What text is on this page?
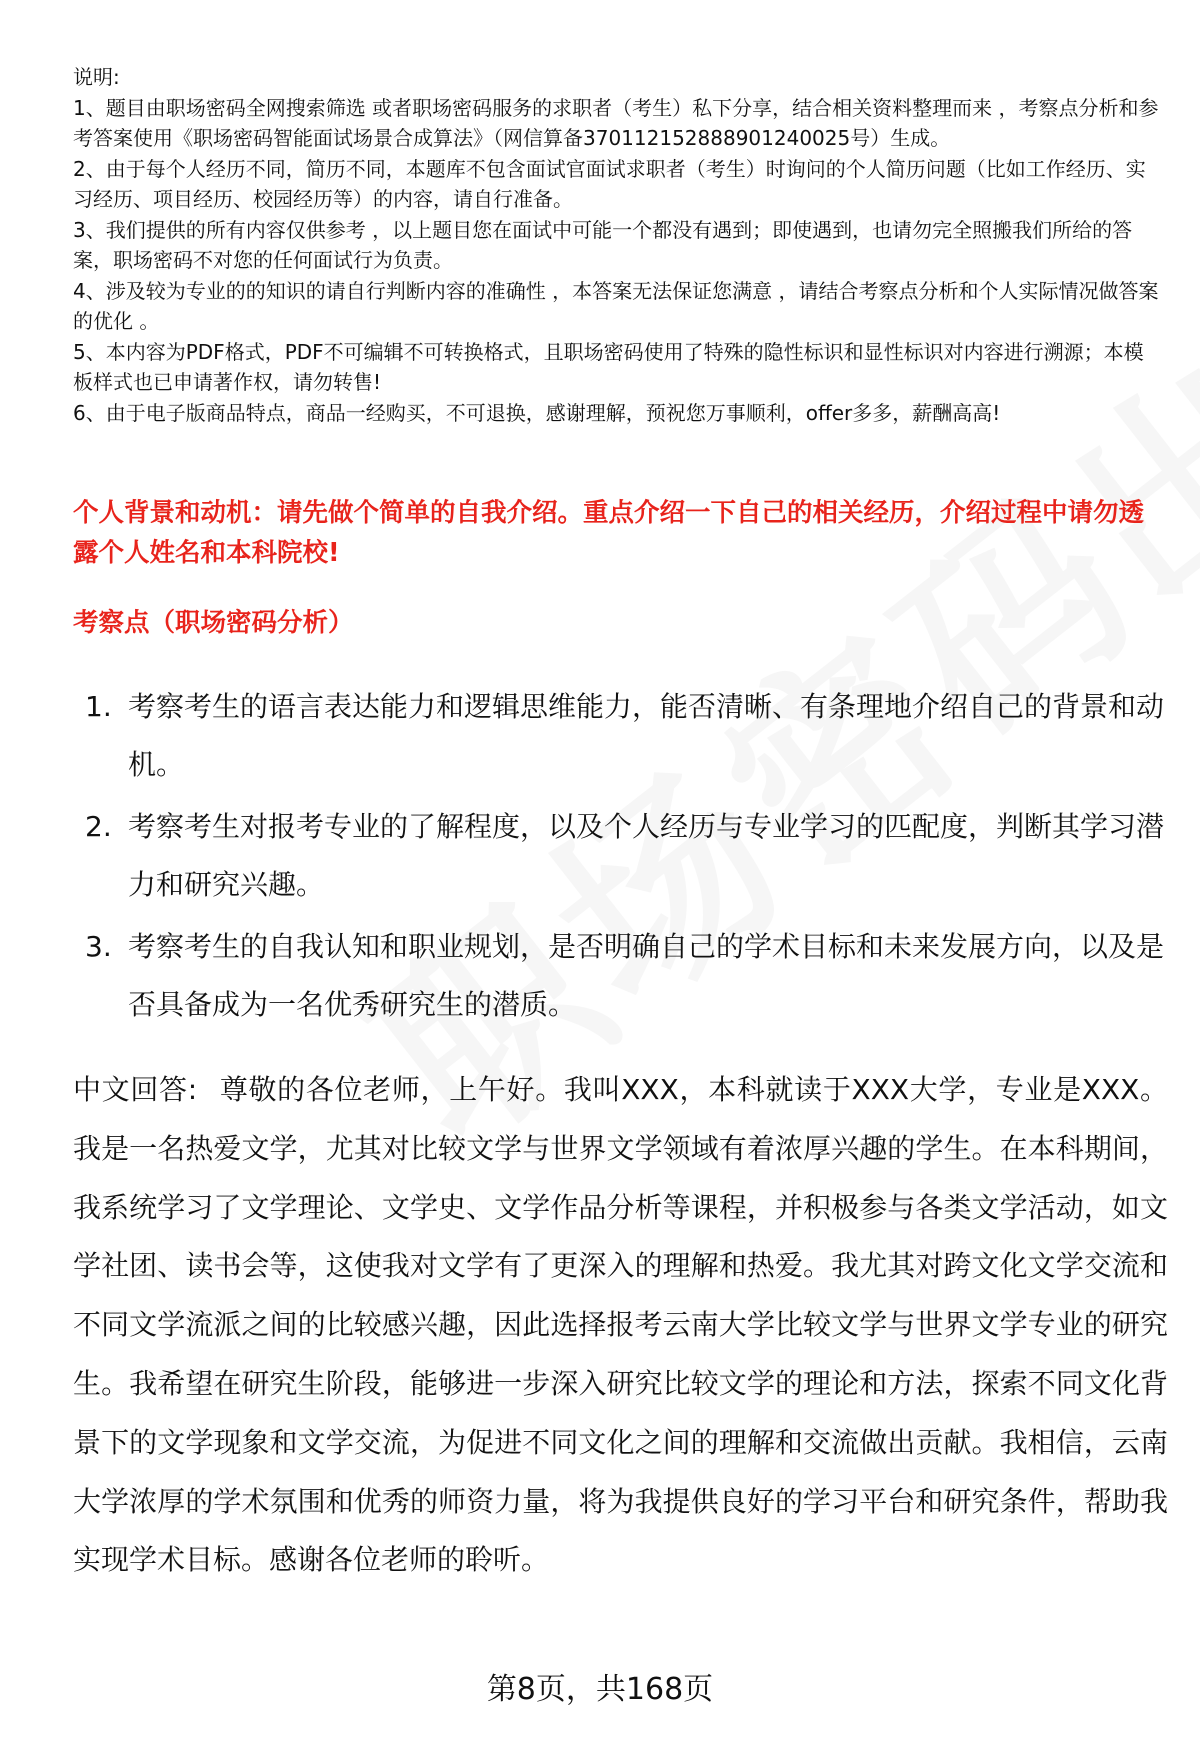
说明:

1、题目由职场密码全网搜索筛选 或者职场密码服务的求职者（考生）私下分享，结合相关资料整理而来 ，考察点分析和参考答案使用《职场密码智能面试场景合成算法》（网信算备370112152888901240025号）生成。

2、由于每个人经历不同，简历不同，本题库不包含面试官面试求职者（考生）时询问的个人简历问题（比如工作经历、实习经历、项目经历、校园经历等）的内容，请自行准备。

3、我们提供的所有内容仅供参考 ，以上题目您在面试中可能一个都没有遇到；即使遇到，也请勿完全照搬我们所给的答案，职场密码不对您的任何面试行为负责。

4、涉及较为专业的的知识的请自行判断内容的准确性 ，本答案无法保证您满意 ，请结合考察点分析和个人实际情况做答案的优化 。

5、本内容为PDF格式，PDF不可编辑不可转换格式，且职场密码使用了特殊的隐性标识和显性标识对内容进行溯源；本模板样式也已申请著作权，请勿转售!

6、由于电子版商品特点，商品一经购买，不可退换，感谢理解，预祝您万事顺利，offer多多，薪酬高高!

个人背景和动机：请先做个简单的自我介绍。重点介绍一下自己的相关经历，介绍过程中请勿透露个人姓名和本科院校!
考察点（职场密码分析）
1. 考察考生的语言表达能力和逻辑思维能力，能否清晰、有条理地介绍自己的背景和动机。
2. 考察考生对报考专业的了解程度，以及个人经历与专业学习的匹配度，判断其学习潜力和研究兴趣。
3. 考察考生的自我认知和职业规划，是否明确自己的学术目标和未来发展方向，以及是否具备成为一名优秀研究生的潜质。
中文回答: 尊敬的各位老师，上午好。我叫XXX，本科就读于XXX大学，专业是XXX。我是一名热爱文学，尤其对比较文学与世界文学领域有着浓厚兴趣的学生。在本科期间，我系统学习了文学理论、文学史、文学作品分析等课程，并积极参与各类文学活动，如文学社团、读书会等，这使我对文学有了更深入的理解和热爱。我尤其对跨文化文学交流和不同文学流派之间的比较感兴趣，因此选择报考云南大学比较文学与世界文学专业的研究生。我希望在研究生阶段，能够进一步深入研究比较文学的理论和方法，探索不同文化背景下的文学现象和文学交流，为促进不同文化之间的理解和交流做出贡献。我相信，云南大学浓厚的学术氛围和优秀的师资力量，将为我提供良好的学习平台和研究条件，帮助我实现学术目标。感谢各位老师的聆听。
第8页，共168页
